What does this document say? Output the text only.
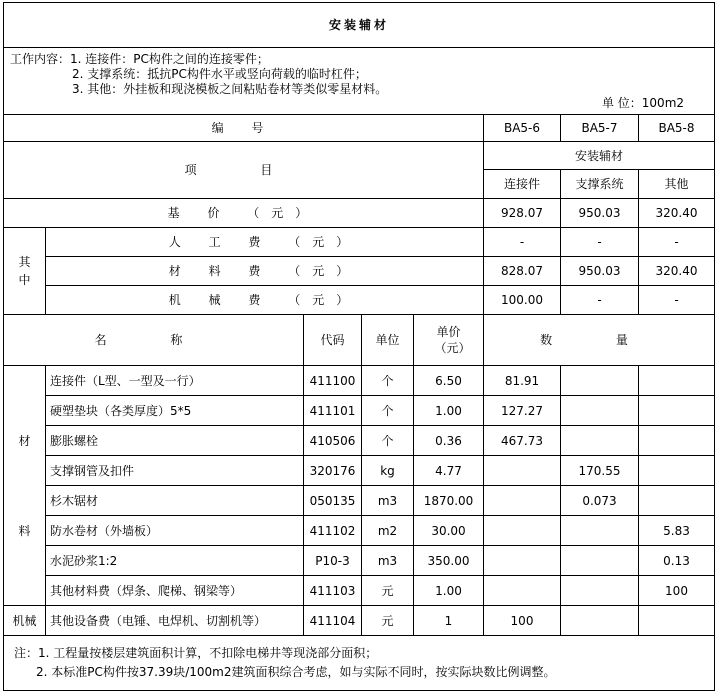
安装辅材							

工作内容：1. 连接件：PC构件之间的连接零件；
2. 支撑系统：抵抗PC构件水平或竖向荷载的临时杠件；
3. 其他：外挂板和现浇模板之间粘贴卷材等类似零星材料。
单 位：100m2							

编 号					BA5-6	BA5-7	BA5-8
项 目					安装辅材		
					连接件	支撑系统	其他
基 价 （元）					928.07	950.03	320.40
其中	人 工 费 （元）				-	-	-
	材 料 费 （元）				828.07	950.03	320.40
	机 械 费 （元）				100.00	-	-
名 称		代码	单位	单价（元）	数 量		
材料	连接件（L型、一型及一行）	411100	个	6.50	81.91		
	硬塑垫块（各类厚度）5*5	411101	个	1.00	127.27		
	膨胀螺栓	410506	个	0.36	467.73		
	支撑钢管及扣件	320176	kg	4.77		170.55	
	杉木锯材	050135	m3	1870.00		0.073	
	防水卷材（外墙板）	411102	m2	30.00			5.83
	水泥砂浆1:2	P10-3	m3	350.00			0.13
	其他材料费（焊条、爬梯、钢梁等）	411103	元	1.00			100
机械	其他设备费（电锤、电焊机、切割机等）	411104	元	1	100		

注：1. 工程量按楼层建筑面积计算，不扣除电梯井等现浇部分面积；
2. 本标准PC构件按37.39块/100m2建筑面积综合考虑，如与实际不同时，按实际块数比例调整。							
